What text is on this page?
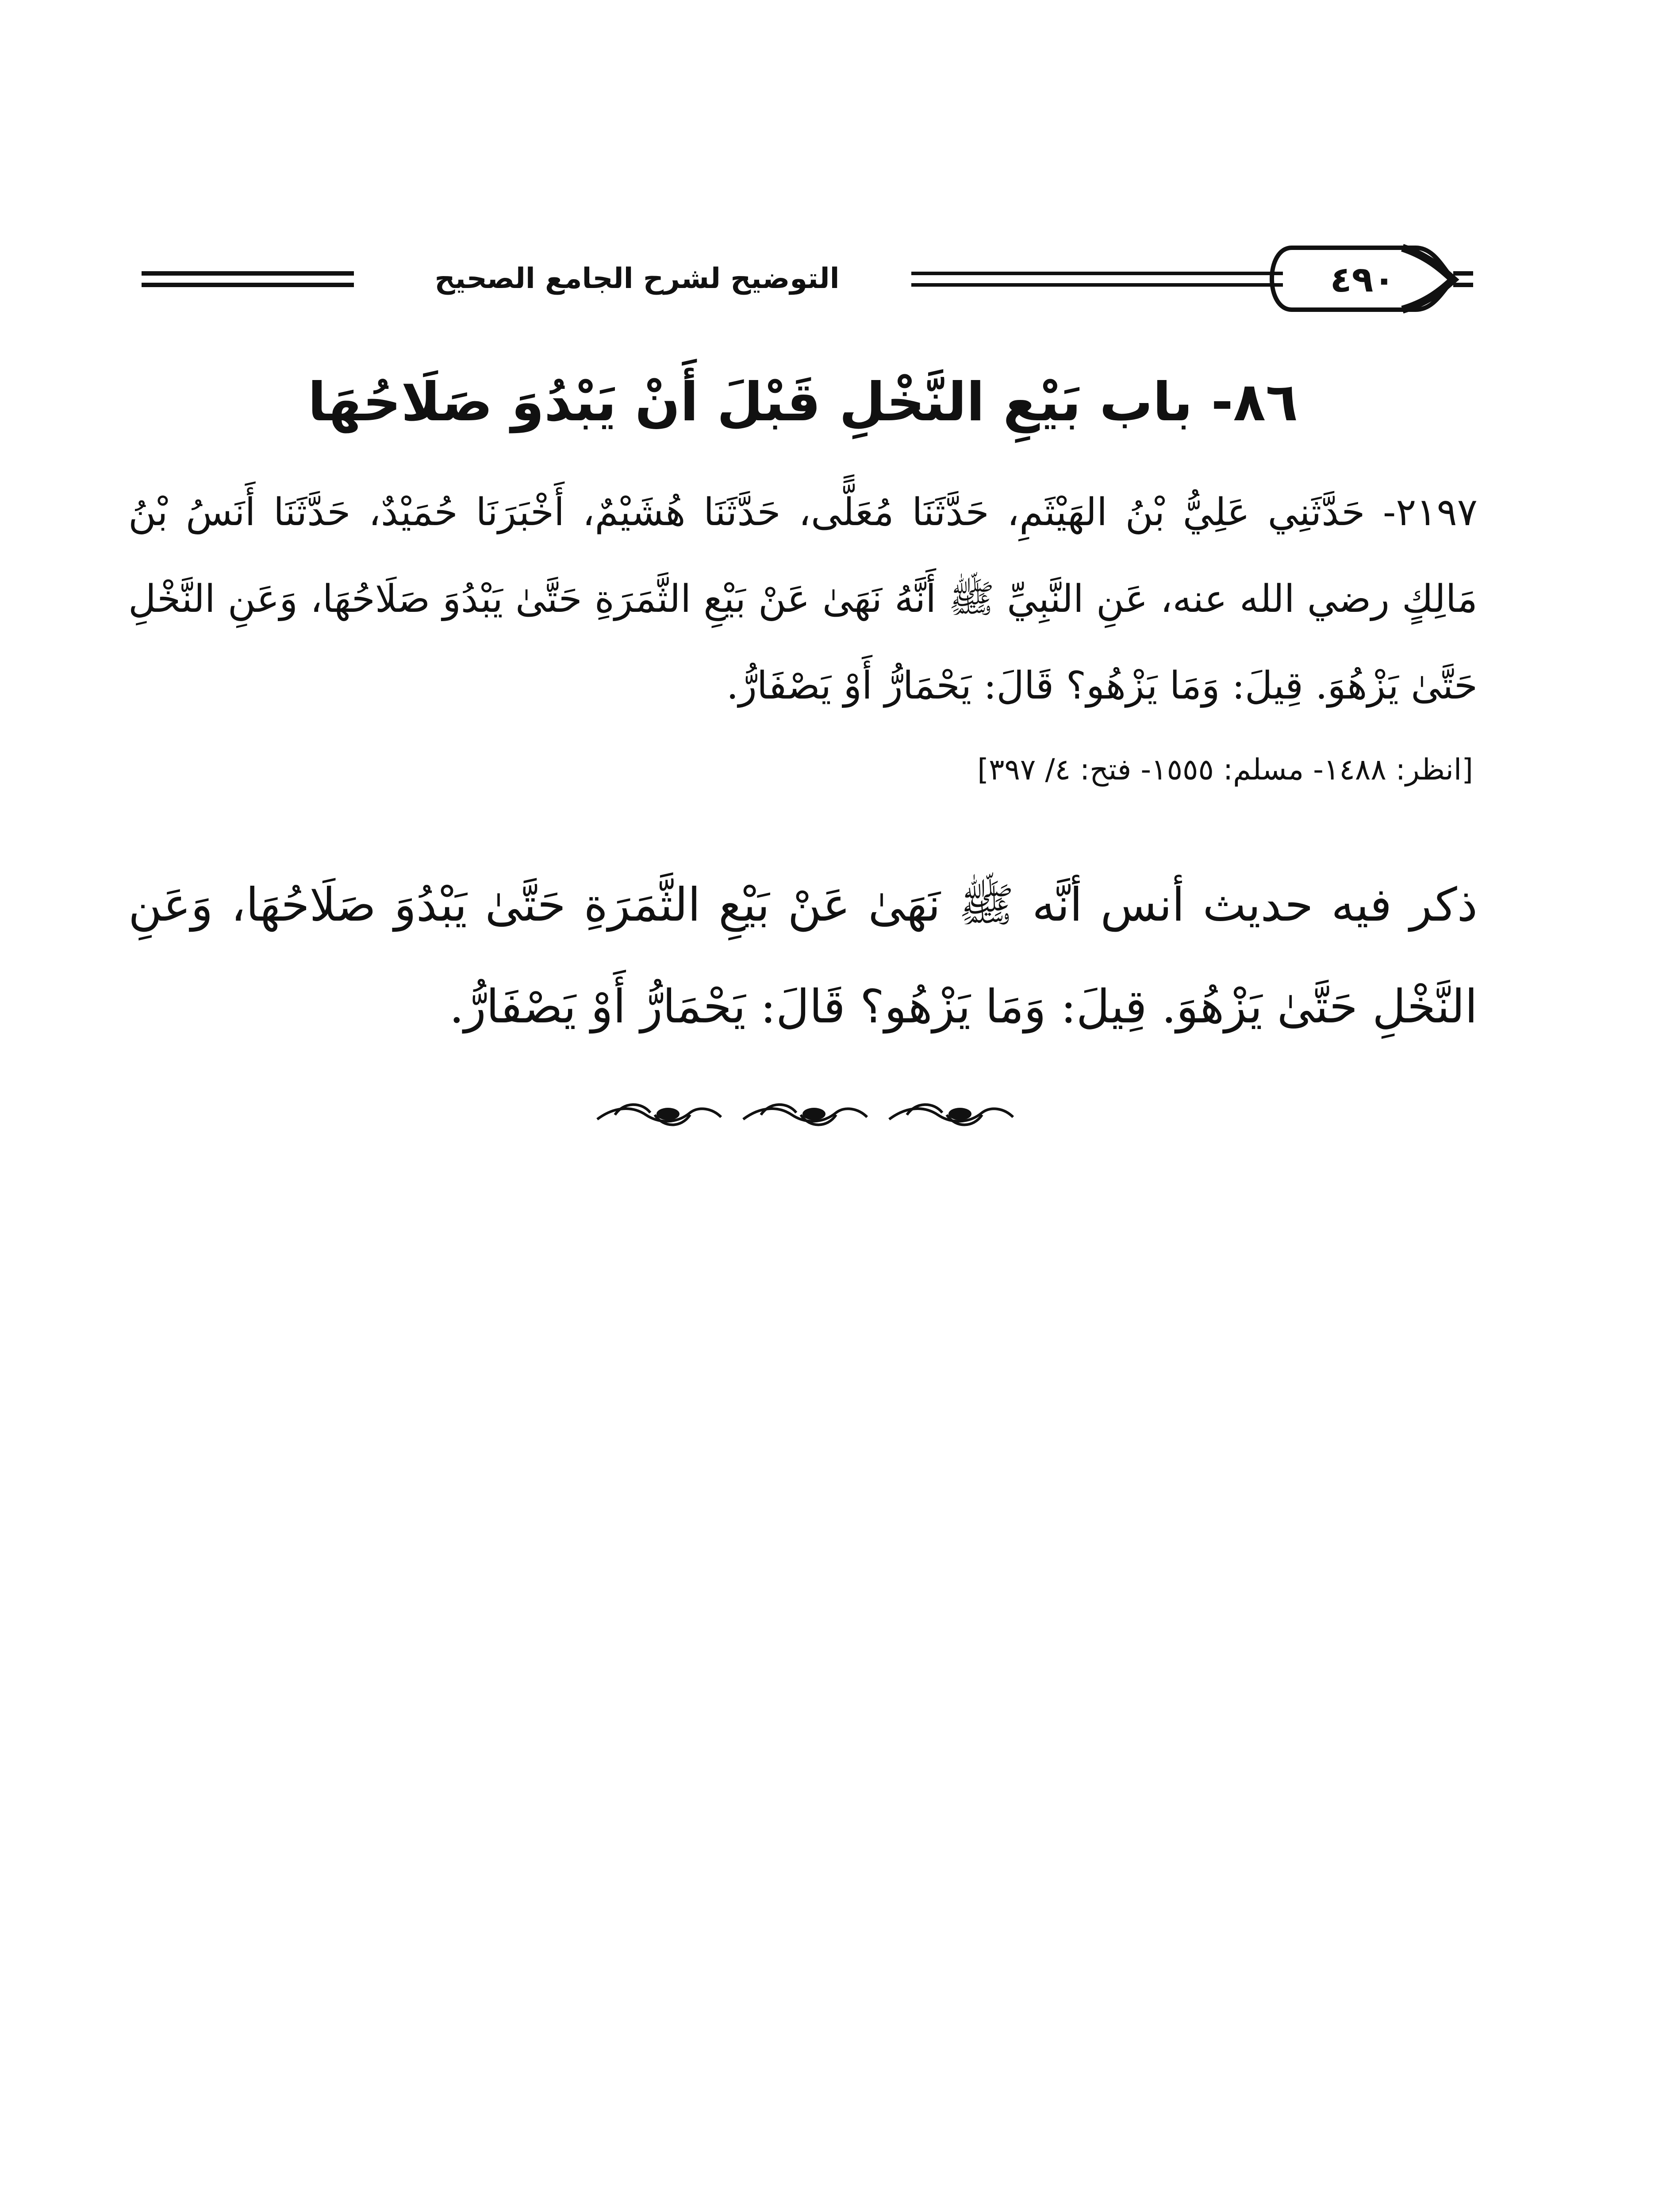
التوضيح لشرح الجامع الصحيح	٤٩٠
٨٦- باب بَيْعِ النَّخْلِ قَبْلَ أَنْ يَبْدُوَ صَلَاحُهَا
٢١٩٧- حَدَّثَنِي عَلِيُّ بْنُ الهَيْثَمِ، حَدَّثَنَا مُعَلًّى، حَدَّثَنَا هُشَيْمٌ، أَخْبَرَنَا حُمَيْدٌ، حَدَّثَنَا أَنَسُ بْنُ مَالِكٍ رضي الله عنه، عَنِ النَّبِيِّ ﷺ أَنَّهُ نَهَىٰ عَنْ بَيْعِ الثَّمَرَةِ حَتَّىٰ يَبْدُوَ صَلَاحُهَا، وَعَنِ النَّخْلِ حَتَّىٰ يَزْهُوَ. قِيلَ: وَمَا يَزْهُو؟ قَالَ: يَحْمَارُّ أَوْ يَصْفَارُّ.
[انظر: ١٤٨٨- مسلم: ١٥٥٥- فتح: ٤/ ٣٩٧]
ذكر فيه حديث أنس أنَّه ﷺ نَهَىٰ عَنْ بَيْعِ الثَّمَرَةِ حَتَّىٰ يَبْدُوَ صَلَاحُهَا، وَعَنِ النَّخْلِ حَتَّىٰ يَزْهُوَ. قِيلَ: وَمَا يَزْهُو؟ قَالَ: يَحْمَارُّ أَوْ يَصْفَارُّ.
